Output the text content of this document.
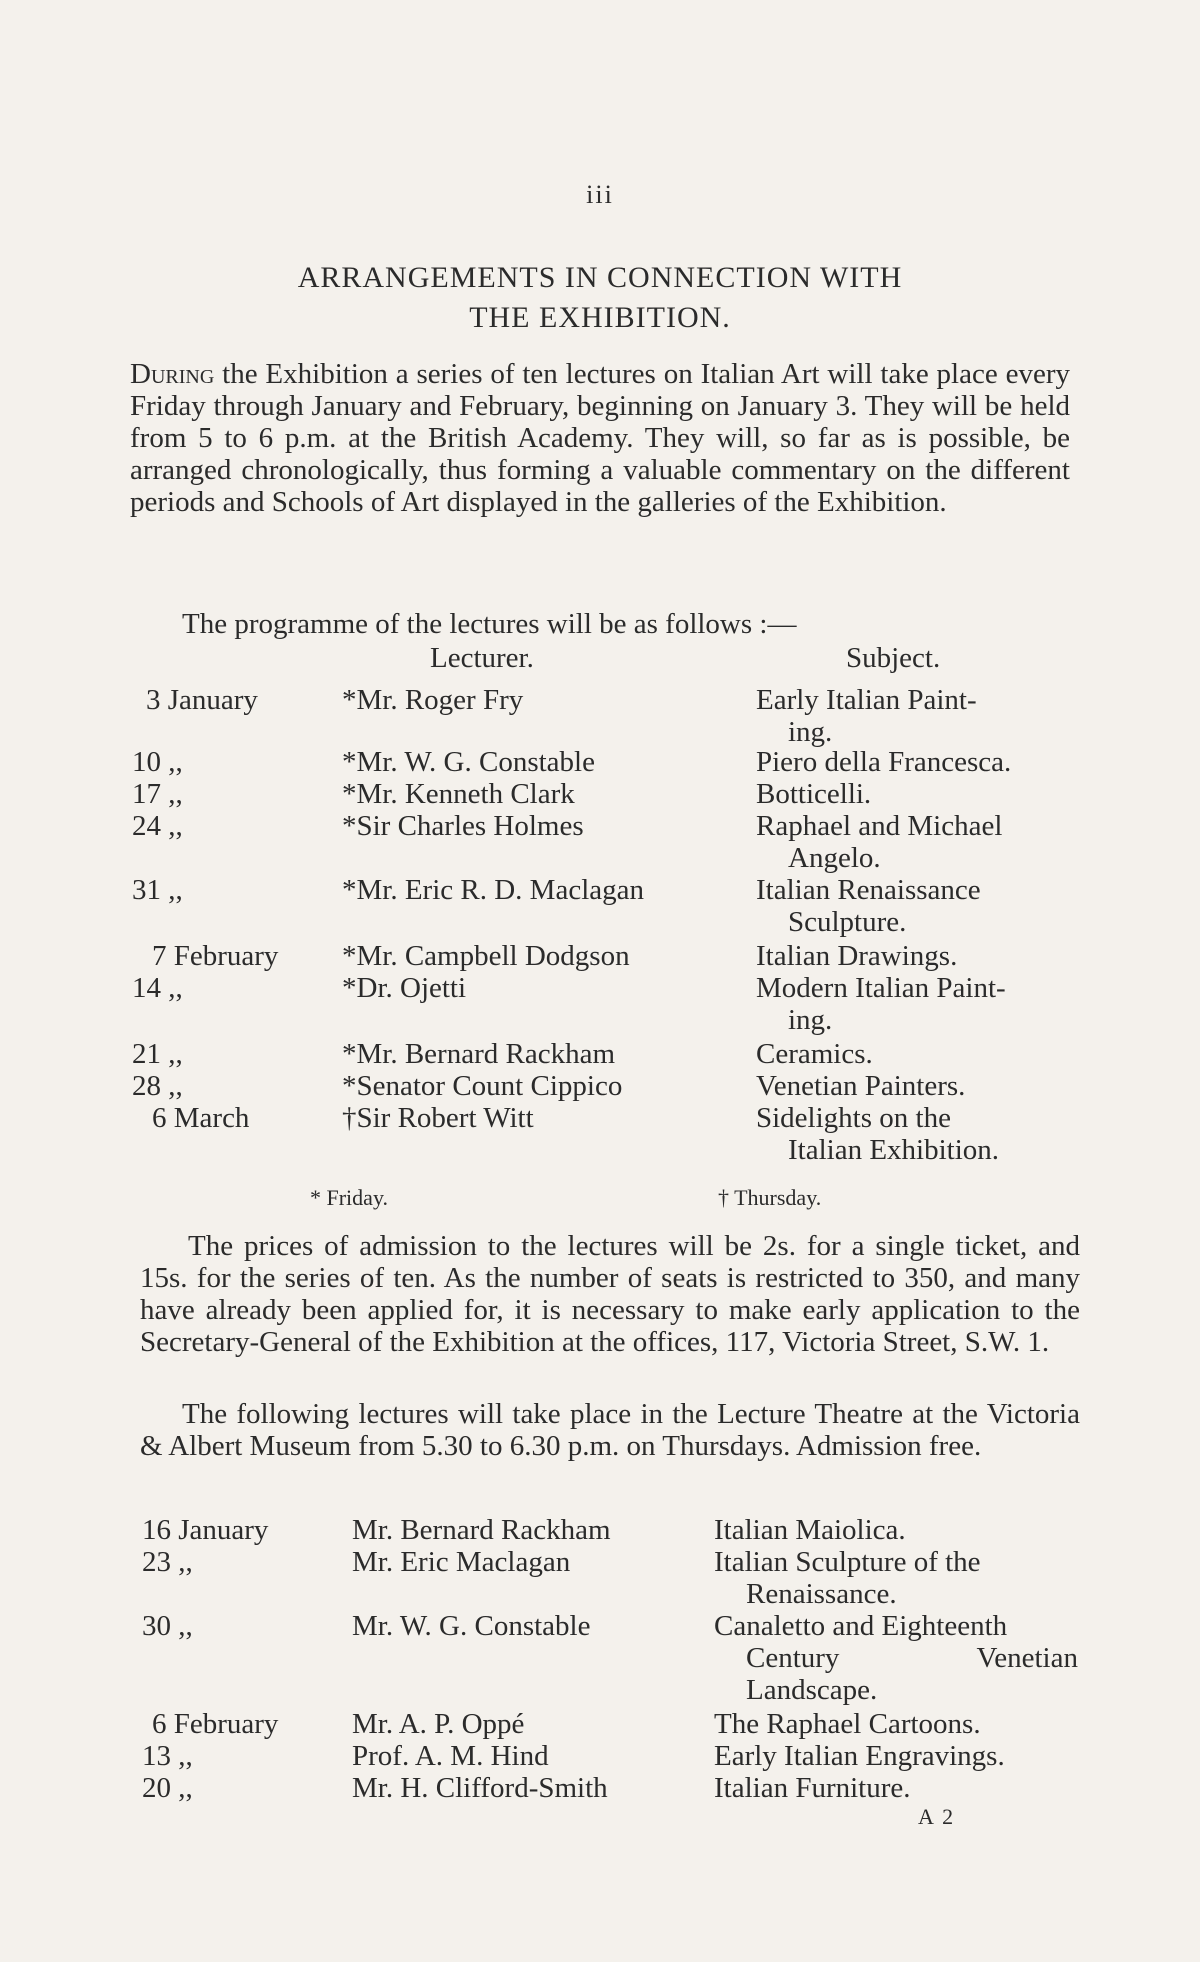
iii
ARRANGEMENTS IN CONNECTION WITH
THE EXHIBITION.
During the Exhibition a series of ten lectures on Italian Art will take place every Friday through January and February, beginning on January 3. They will be held from 5 to 6 p.m. at the British Academy. They will, so far as is possible, be arranged chronologically, thus forming a valuable commentary on the different periods and Schools of Art displayed in the galleries of the Exhibition.
The programme of the lectures will be as follows :—
Lecturer.	Subject.
3 January	*Mr. Roger Fry	Early Italian Paint-
ing.
10 ,,	*Mr. W. G. Constable	Piero della Francesca.
17 ,,	*Mr. Kenneth Clark	Botticelli.
24 ,,	*Sir Charles Holmes	Raphael and Michael
Angelo.
31 ,,	*Mr. Eric R. D. Maclagan	Italian Renaissance
Sculpture.
7 February *Mr. Campbell Dodgson	Italian Drawings.
14 ,,	*Dr. Ojetti	Modern Italian Paint-
ing.
21 ,,	*Mr. Bernard Rackham	Ceramics.
28 ,,	*Senator Count Cippico	Venetian Painters.
6 March	†Sir Robert Witt	Sidelights on the
Italian Exhibition.
* Friday.	† Thursday.
The prices of admission to the lectures will be 2s. for a single ticket, and 15s. for the series of ten. As the number of seats is restricted to 350, and many have already been applied for, it is necessary to make early application to the Secretary-General of the Exhibition at the offices, 117, Victoria Street, S.W. 1.
The following lectures will take place in the Lecture Theatre at the Victoria & Albert Museum from 5.30 to 6.30 p.m. on Thursdays. Admission free.
16 January	Mr. Bernard Rackham	Italian Maiolica.
23 ,,	Mr. Eric Maclagan	Italian Sculpture of the
Renaissance.
30 ,,	Mr. W. G. Constable	Canaletto and Eighteenth
Century Venetian Landscape.
6 February	Mr. A. P. Oppé	The Raphael Cartoons.
13 ,,	Prof. A. M. Hind	Early Italian Engravings.
20 ,,	Mr. H. Clifford-Smith	Italian Furniture.
A 2
